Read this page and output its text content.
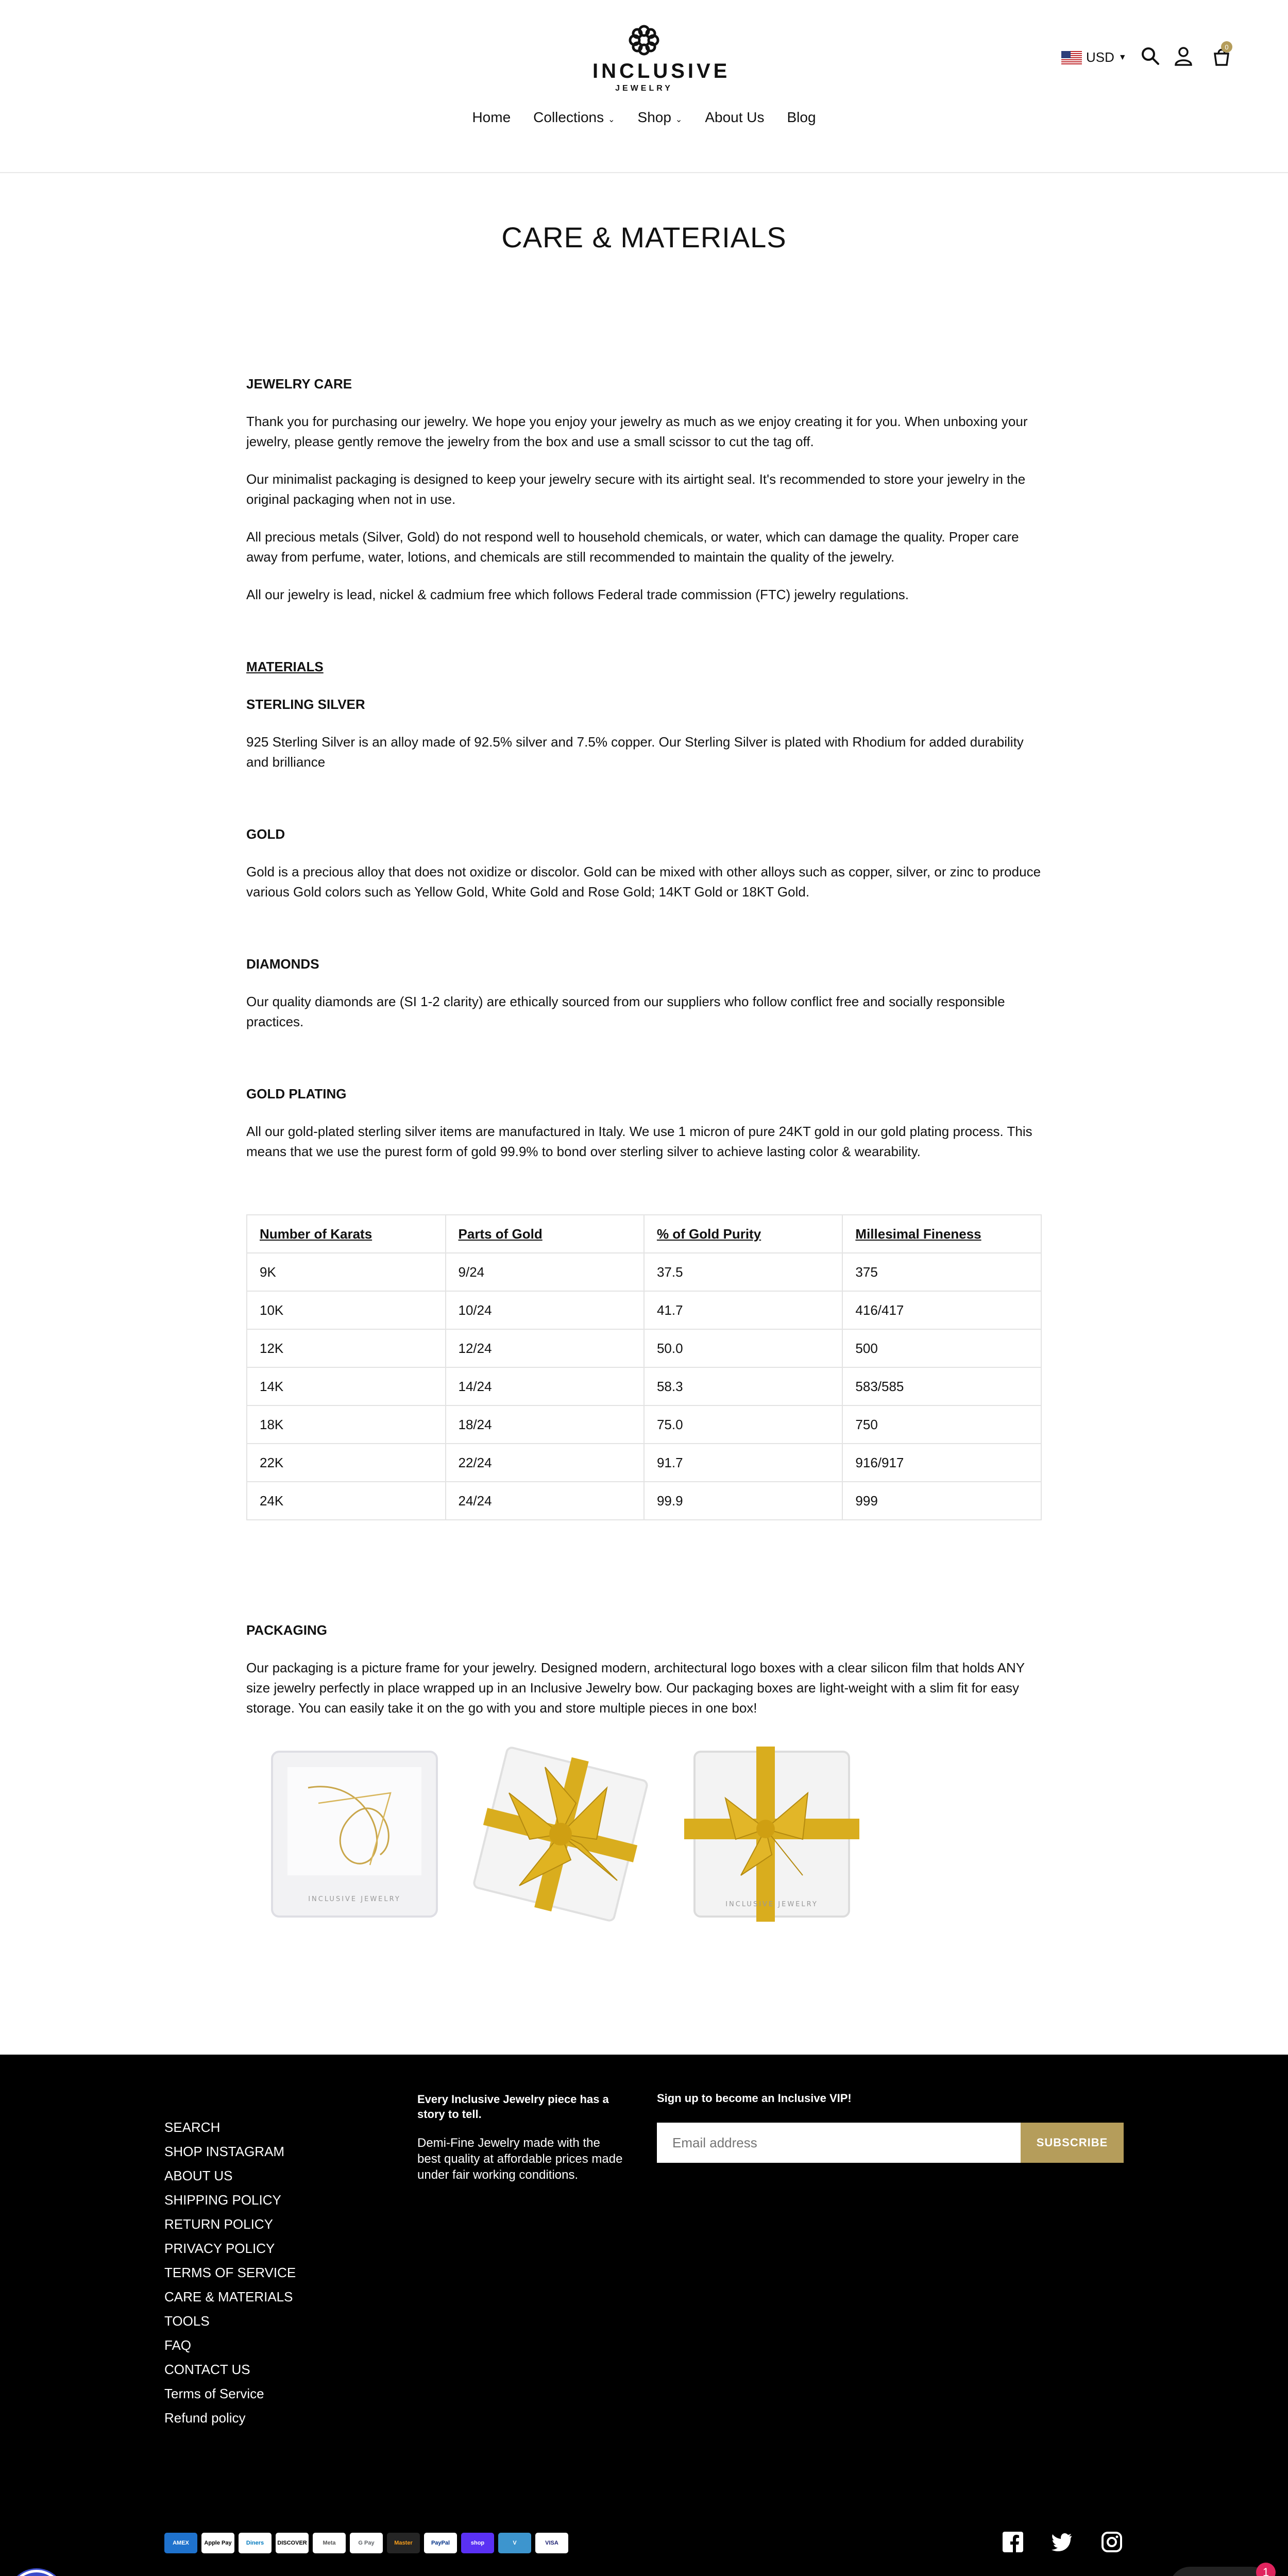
INCLUSIVE
JEWELRY
USD ▼
0
Home Collections ⌄ Shop ⌄ About Us Blog
CARE & MATERIALS
JEWELRY CARE

Thank you for purchasing our jewelry. We hope you enjoy your jewelry as much as we enjoy creating it for you. When unboxing your jewelry, please gently remove the jewelry from the box and use a small scissor to cut the tag off.

Our minimalist packaging is designed to keep your jewelry secure with its airtight seal. It's recommended to store your jewelry in the original packaging when not in use.

All precious metals (Silver, Gold) do not respond well to household chemicals, or water, which can damage the quality. Proper care away from perfume, water, lotions, and chemicals are still recommended to maintain the quality of the jewelry.

All our jewelry is lead, nickel & cadmium free which follows Federal trade commission (FTC) jewelry regulations.

MATERIALS
STERLING SILVER

925 Sterling Silver is an alloy made of 92.5% silver and 7.5% copper. Our Sterling Silver is plated with Rhodium for added durability and brilliance

GOLD

Gold is a precious alloy that does not oxidize or discolor. Gold can be mixed with other alloys such as copper, silver, or zinc to produce various Gold colors such as Yellow Gold, White Gold and Rose Gold; 14KT Gold or 18KT Gold.

DIAMONDS

Our quality diamonds are (SI 1-2 clarity) are ethically sourced from our suppliers who follow conflict free and socially responsible practices.

GOLD PLATING

All our gold-plated sterling silver items are manufactured in Italy. We use 1 micron of pure 24KT gold in our gold plating process. This means that we use the purest form of gold 99.9% to bond over sterling silver to achieve lasting color & wearability.

Number of Karats	Parts of Gold	% of Gold Purity	Millesimal Fineness
9K	9/24	37.5	375
10K	10/24	41.7	416/417
12K	12/24	50.0	500
14K	14/24	58.3	583/585
18K	18/24	75.0	750
22K	22/24	91.7	916/917
24K	24/24	99.9	999
PACKAGING

Our packaging is a picture frame for your jewelry. Designed modern, architectural logo boxes with a clear silicon film that holds ANY size jewelry perfectly in place wrapped up in an Inclusive Jewelry bow. Our packaging boxes are light-weight with a slim fit for easy storage. You can easily take it on the go with you and store multiple pieces in one box!

INCLUSIVE JEWELRY
INCLUSIVE JEWELRY
SEARCH
SHOP INSTAGRAM
ABOUT US
SHIPPING POLICY
RETURN POLICY
PRIVACY POLICY
TERMS OF SERVICE
CARE & MATERIALS
TOOLS
FAQ
CONTACT US
Terms of Service
Refund policy
Every Inclusive Jewelry piece has a story to tell.

Demi-Fine Jewelry made with the best quality at affordable prices made under fair working conditions.

Sign up to become an Inclusive VIP!
Email address
SUBSCRIBE
AMEX	Apple Pay	Diners	DISCOVER	Meta	G Pay	Master	PayPal	shop	V	VISA
1
